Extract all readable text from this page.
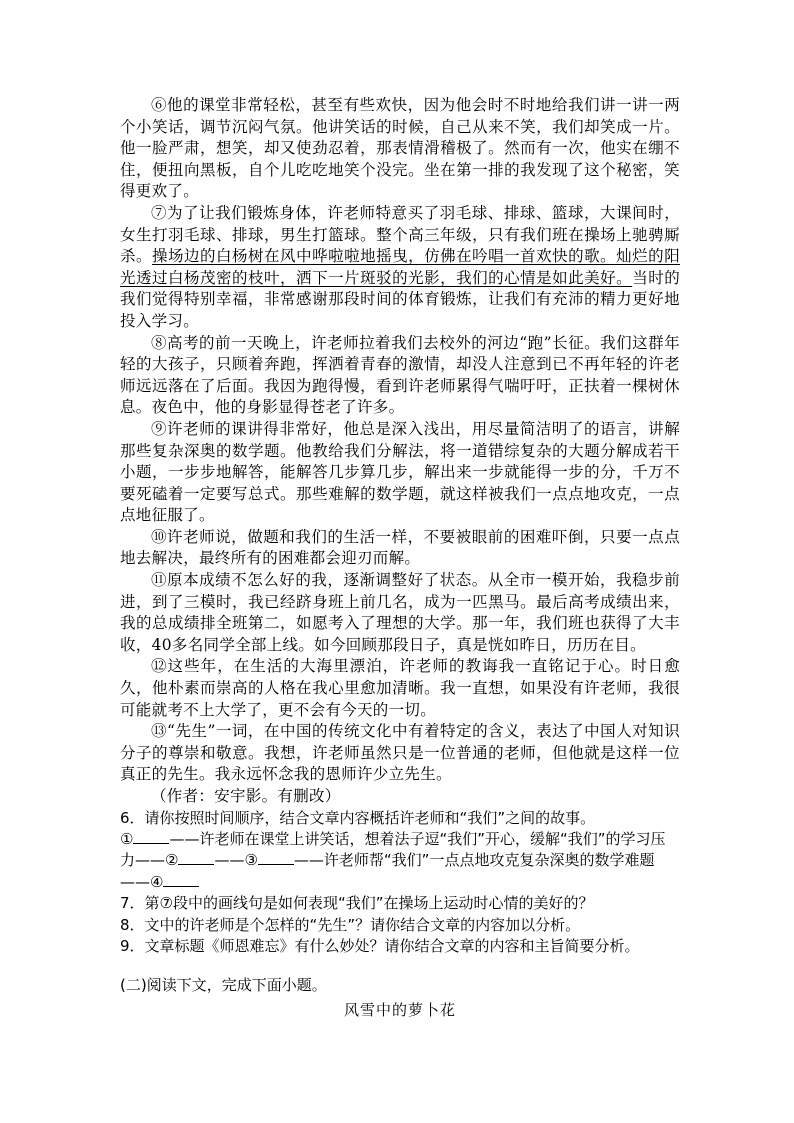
⑥他的课堂非常轻松，甚至有些欢快，因为他会时不时地给我们讲一讲一两个小笑话，调节沉闷气氛。他讲笑话的时候，自己从来不笑，我们却笑成一片。他一脸严肃，想笑，却又使劲忍着，那表情滑稽极了。然而有一次，他实在绷不住，便扭向黑板，自个儿吃吃地笑个没完。坐在第一排的我发现了这个秘密，笑得更欢了。

⑦为了让我们锻炼身体，许老师特意买了羽毛球、排球、篮球，大课间时，女生打羽毛球、排球，男生打篮球。整个高三年级，只有我们班在操场上驰骋厮杀。操场边的白杨树在风中哗啦啦地摇曳，仿佛在吟唱一首欢快的歌。灿烂的阳光透过白杨茂密的枝叶，洒下一片斑驳的光影，我们的心情是如此美好。当时的我们觉得特别幸福，非常感谢那段时间的体育锻炼，让我们有充沛的精力更好地投入学习。

⑧高考的前一天晚上，许老师拉着我们去校外的河边“跑”长征。我们这群年轻的大孩子，只顾着奔跑，挥洒着青春的激情，却没人注意到已不再年轻的许老师远远落在了后面。我因为跑得慢，看到许老师累得气喘吁吁，正扶着一棵树休息。夜色中，他的身影显得苍老了许多。

⑨许老师的课讲得非常好，他总是深入浅出，用尽量简洁明了的语言，讲解那些复杂深奥的数学题。他教给我们分解法，将一道错综复杂的大题分解成若干小题，一步步地解答，能解答几步算几步，解出来一步就能得一步的分，千万不要死磕着一定要写总式。那些难解的数学题，就这样被我们一点点地攻克，一点点地征服了。

⑩许老师说，做题和我们的生活一样，不要被眼前的困难吓倒，只要一点点地去解决，最终所有的困难都会迎刃而解。

⑪原本成绩不怎么好的我，逐渐调整好了状态。从全市一模开始，我稳步前进，到了三模时，我已经跻身班上前几名，成为一匹黑马。最后高考成绩出来，我的总成绩排全班第二，如愿考入了理想的大学。那一年，我们班也获得了大丰收，40多名同学全部上线。如今回顾那段日子，真是恍如昨日，历历在目。

⑫这些年，在生活的大海里漂泊，许老师的教诲我一直铭记于心。时日愈久，他朴素而崇高的人格在我心里愈加清晰。我一直想，如果没有许老师，我很可能就考不上大学了，更不会有今天的一切。

⑬“先生”一词，在中国的传统文化中有着特定的含义，表达了中国人对知识分子的尊崇和敬意。我想，许老师虽然只是一位普通的老师，但他就是这样一位真正的先生。我永远怀念我的恩师许少立先生。

（作者：安宇影。有删改）

6．请你按照时间顺序，结合文章内容概括许老师和“我们”之间的故事。

① ——许老师在课堂上讲笑话，想着法子逗“我们”开心，缓解“我们”的学习压力——② ——③ ——许老师帮“我们”一点点地攻克复杂深奥的数学难题——④

7．第⑦段中的画线句是如何表现“我们”在操场上运动时心情的美好的？

8．文中的许老师是个怎样的“先生”？请你结合文章的内容加以分析。

9．文章标题《师恩难忘》有什么妙处？请你结合文章的内容和主旨简要分析。

(二)阅读下文，完成下面小题。

风雪中的萝卜花
